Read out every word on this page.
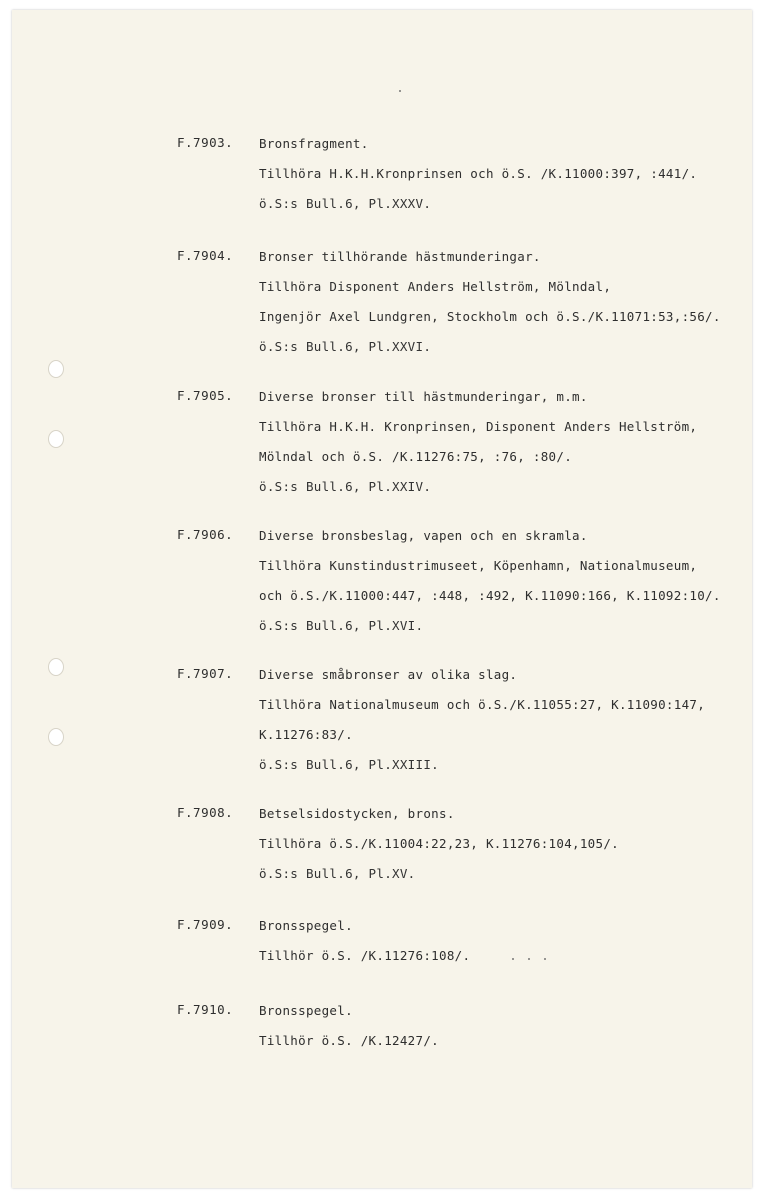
F.7903. Bronsfragment.
Tillhöra H.K.H.Kronprinsen och ö.S. /K.11000:397, :441/.
ö.S:s Bull.6, Pl.XXXV.
F.7904. Bronser tillhörande hästmunderingar.
Tillhöra Disponent Anders Hellström, Mölndal,
Ingenjör Axel Lundgren, Stockholm och ö.S./K.11071:53,:56/.
ö.S:s Bull.6, Pl.XXVI.
F.7905. Diverse bronser till hästmunderingar, m.m.
Tillhöra H.K.H. Kronprinsen, Disponent Anders Hellström,
Mölndal och ö.S. /K.11276:75, :76, :80/.
ö.S:s Bull.6, Pl.XXIV.
F.7906. Diverse bronsbeslag, vapen och en skramla.
Tillhöra Kunstindustrimuseet, Köpenhamn, Nationalmuseum,
och ö.S./K.11000:447, :448, :492, K.11090:166, K.11092:10/.
ö.S:s Bull.6, Pl.XVI.
F.7907. Diverse småbronser av olika slag.
Tillhöra Nationalmuseum och ö.S./K.11055:27, K.11090:147,
K.11276:83/.
ö.S:s Bull.6, Pl.XXIII.
F.7908. Betselsidostycken, brons.
Tillhöra ö.S./K.11004:22,23, K.11276:104,105/.
ö.S:s Bull.6, Pl.XV.
F.7909. Bronsspegel.
Tillhör ö.S. /K.11276:108/.
F.7910. Bronsspegel.
Tillhör ö.S. /K.12427/.
